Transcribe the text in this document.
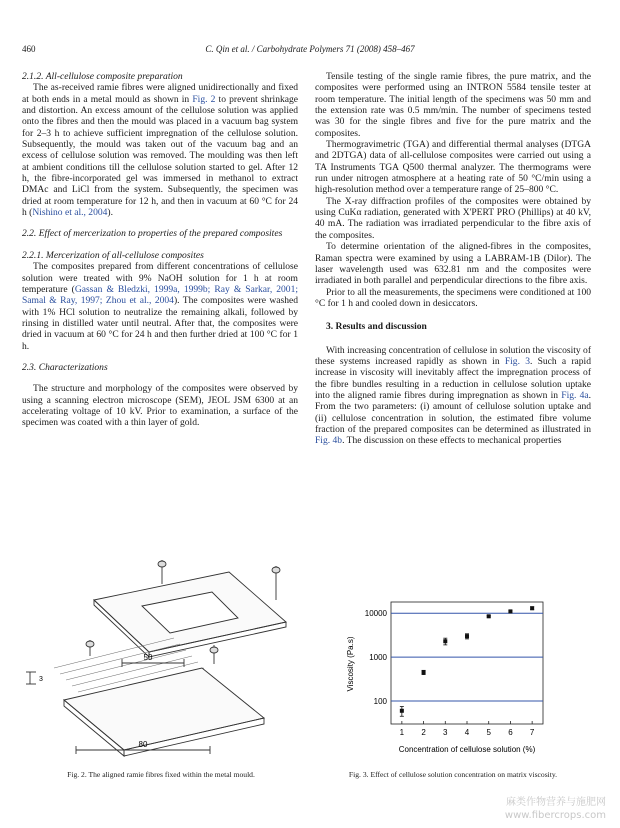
460	C. Qin et al. / Carbohydrate Polymers 71 (2008) 458–467

2.1.2. All-cellulose composite preparation

The as-received ramie fibres were aligned unidirectionally and fixed at both ends in a metal mould as shown in Fig. 2 to prevent shrinkage and distortion. An excess amount of the cellulose solution was applied onto the fibres and then the mould was placed in a vacuum bag system for 2–3 h to achieve sufficient impregnation of the cellulose solution. Subsequently, the mould was taken out of the vacuum bag and an excess of cellulose solution was removed. The moulding was then left at ambient conditions till the cellulose solution started to gel. After 12 h, the fibre-incorporated gel was immersed in methanol to extract DMAc and LiCl from the system. Subsequently, the specimen was dried at room temperature for 12 h, and then in vacuum at 60 °C for 24 h (Nishino et al., 2004).

2.2. Effect of mercerization to properties of the prepared composites

2.2.1. Mercerization of all-cellulose composites

The composites prepared from different concentrations of cellulose solution were treated with 9% NaOH solution for 1 h at room temperature (Gassan & Bledzki, 1999a, 1999b; Ray & Sarkar, 2001; Samal & Ray, 1997; Zhou et al., 2004). The composites were washed with 1% HCl solution to neutralize the remaining alkali, followed by rinsing in distilled water until neutral. After that, the composites were dried in vacuum at 60 °C for 24 h and then further dried at 100 °C for 1 h.

2.3. Characterizations

The structure and morphology of the composites were observed by using a scanning electron microscope (SEM), JEOL JSM 6300 at an accelerating voltage of 10 kV. Prior to examination, a surface of the specimen was coated with a thin layer of gold.

Tensile testing of the single ramie fibres, the pure matrix, and the composites were performed using an INTRON 5584 tensile tester at room temperature. The initial length of the specimens was 50 mm and the extension rate was 0.5 mm/min. The number of specimens tested was 30 for the single fibres and five for the pure matrix and the composites.

Thermogravimetric (TGA) and differential thermal analyses (DTGA and 2DTGA) data of all-cellulose composites were carried out using a TA Instruments TGA Q500 thermal analyzer. The thermograms were run under nitrogen atmosphere at a heating rate of 50 °C/min using a high-resolution method over a temperature range of 25–800 °C.

The X-ray diffraction profiles of the composites were obtained by using CuKα radiation, generated with X'PERT PRO (Phillips) at 40 kV, 40 mA. The radiation was irradiated perpendicular to the fibre axis of the composites.

To determine orientation of the aligned-fibres in the composites, Raman spectra were examined by using a LABRAM-1B (Dilor). The laser wavelength used was 632.81 nm and the composites were irradiated in both parallel and perpendicular directions to the fibre axis.

Prior to all the measurements, the specimens were conditioned at 100 °C for 1 h and cooled down in desiccators.

3. Results and discussion

With increasing concentration of cellulose in solution the viscosity of these systems increased rapidly as shown in Fig. 3. Such a rapid increase in viscosity will inevitably affect the impregnation process of the fibre bundles resulting in a reduction in cellulose solution uptake into the aligned ramie fibres during impregnation as shown in Fig. 4a. From the two parameters: (i) amount of cellulose solution uptake and (ii) cellulose concentration in solution, the estimated fibre volume fraction of the prepared composites can be determined as illustrated in Fig. 4b. The discussion on these effects to mechanical properties

50
80
3
100
1000
10000
1 2 3 4 5 6 7
Viscosity (Pa.s)
Concentration of cellulose solution (%)
Fig. 2. The aligned ramie fibres fixed within the metal mould.	Fig. 3. Effect of cellulose solution concentration on matrix viscosity.
麻类作物营养与施肥网
www.fibercrops.com
